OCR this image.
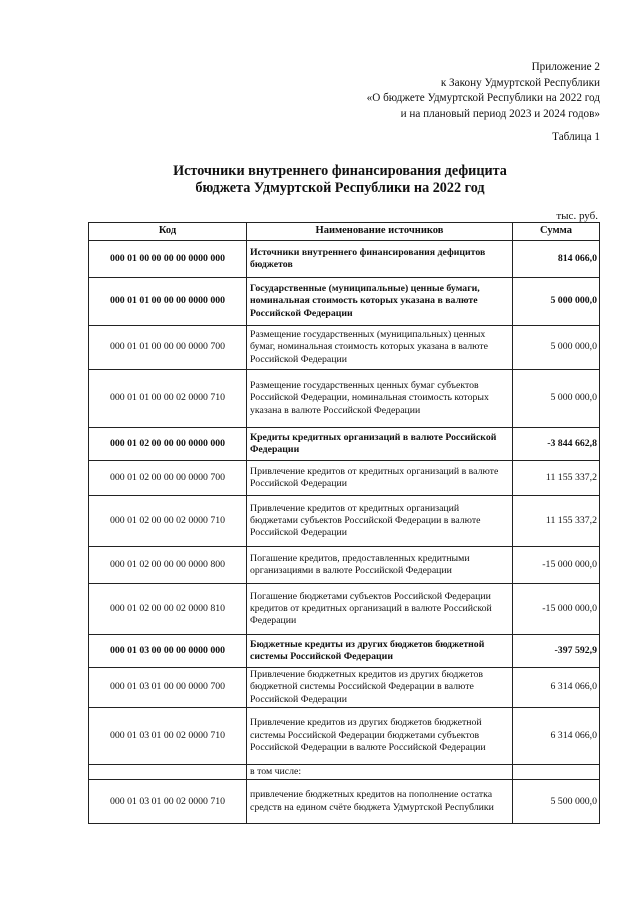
Приложение 2
к Закону Удмуртской Республики
«О бюджете Удмуртской Республики на 2022 год
и на плановый период 2023 и 2024 годов»
Таблица 1
Источники внутреннего финансирования дефицита
бюджета Удмуртской Республики на 2022 год
тыс. руб.
Код	Наименование источников	Сумма
000 01 00 00 00 00 0000 000	Источники внутреннего финансирования дефицитов бюджетов	814 066,0
000 01 01 00 00 00 0000 000	Государственные (муниципальные) ценные бумаги, номинальная стоимость которых указана в валюте Российской Федерации	5 000 000,0
000 01 01 00 00 00 0000 700	Размещение государственных (муниципальных) ценных бумаг, номинальная стоимость которых указана в валюте Российской Федерации	5 000 000,0
000 01 01 00 00 02 0000 710	Размещение государственных ценных бумаг субъектов Российской Федерации, номинальная стоимость которых указана в валюте Российской Федерации	5 000 000,0
000 01 02 00 00 00 0000 000	Кредиты кредитных организаций в валюте Российской Федерации	-3 844 662,8
000 01 02 00 00 00 0000 700	Привлечение кредитов от кредитных организаций в валюте Российской Федерации	11 155 337,2
000 01 02 00 00 02 0000 710	Привлечение кредитов от кредитных организаций бюджетами субъектов Российской Федерации в валюте Российской Федерации	11 155 337,2
000 01 02 00 00 00 0000 800	Погашение кредитов, предоставленных кредитными организациями в валюте Российской Федерации	-15 000 000,0
000 01 02 00 00 02 0000 810	Погашение бюджетами субъектов Российской Федерации кредитов от кредитных организаций в валюте Российской Федерации	-15 000 000,0
000 01 03 00 00 00 0000 000	Бюджетные кредиты из других бюджетов бюджетной системы Российской Федерации	-397 592,9
000 01 03 01 00 00 0000 700	Привлечение бюджетных кредитов из других бюджетов бюджетной системы Российской Федерации в валюте Российской Федерации	6 314 066,0
000 01 03 01 00 02 0000 710	Привлечение кредитов из других бюджетов бюджетной системы Российской Федерации бюджетами субъектов Российской Федерации в валюте Российской Федерации	6 314 066,0
	в том числе:	
000 01 03 01 00 02 0000 710	привлечение бюджетных кредитов на пополнение остатка средств на едином счёте бюджета Удмуртской Республики	5 500 000,0
